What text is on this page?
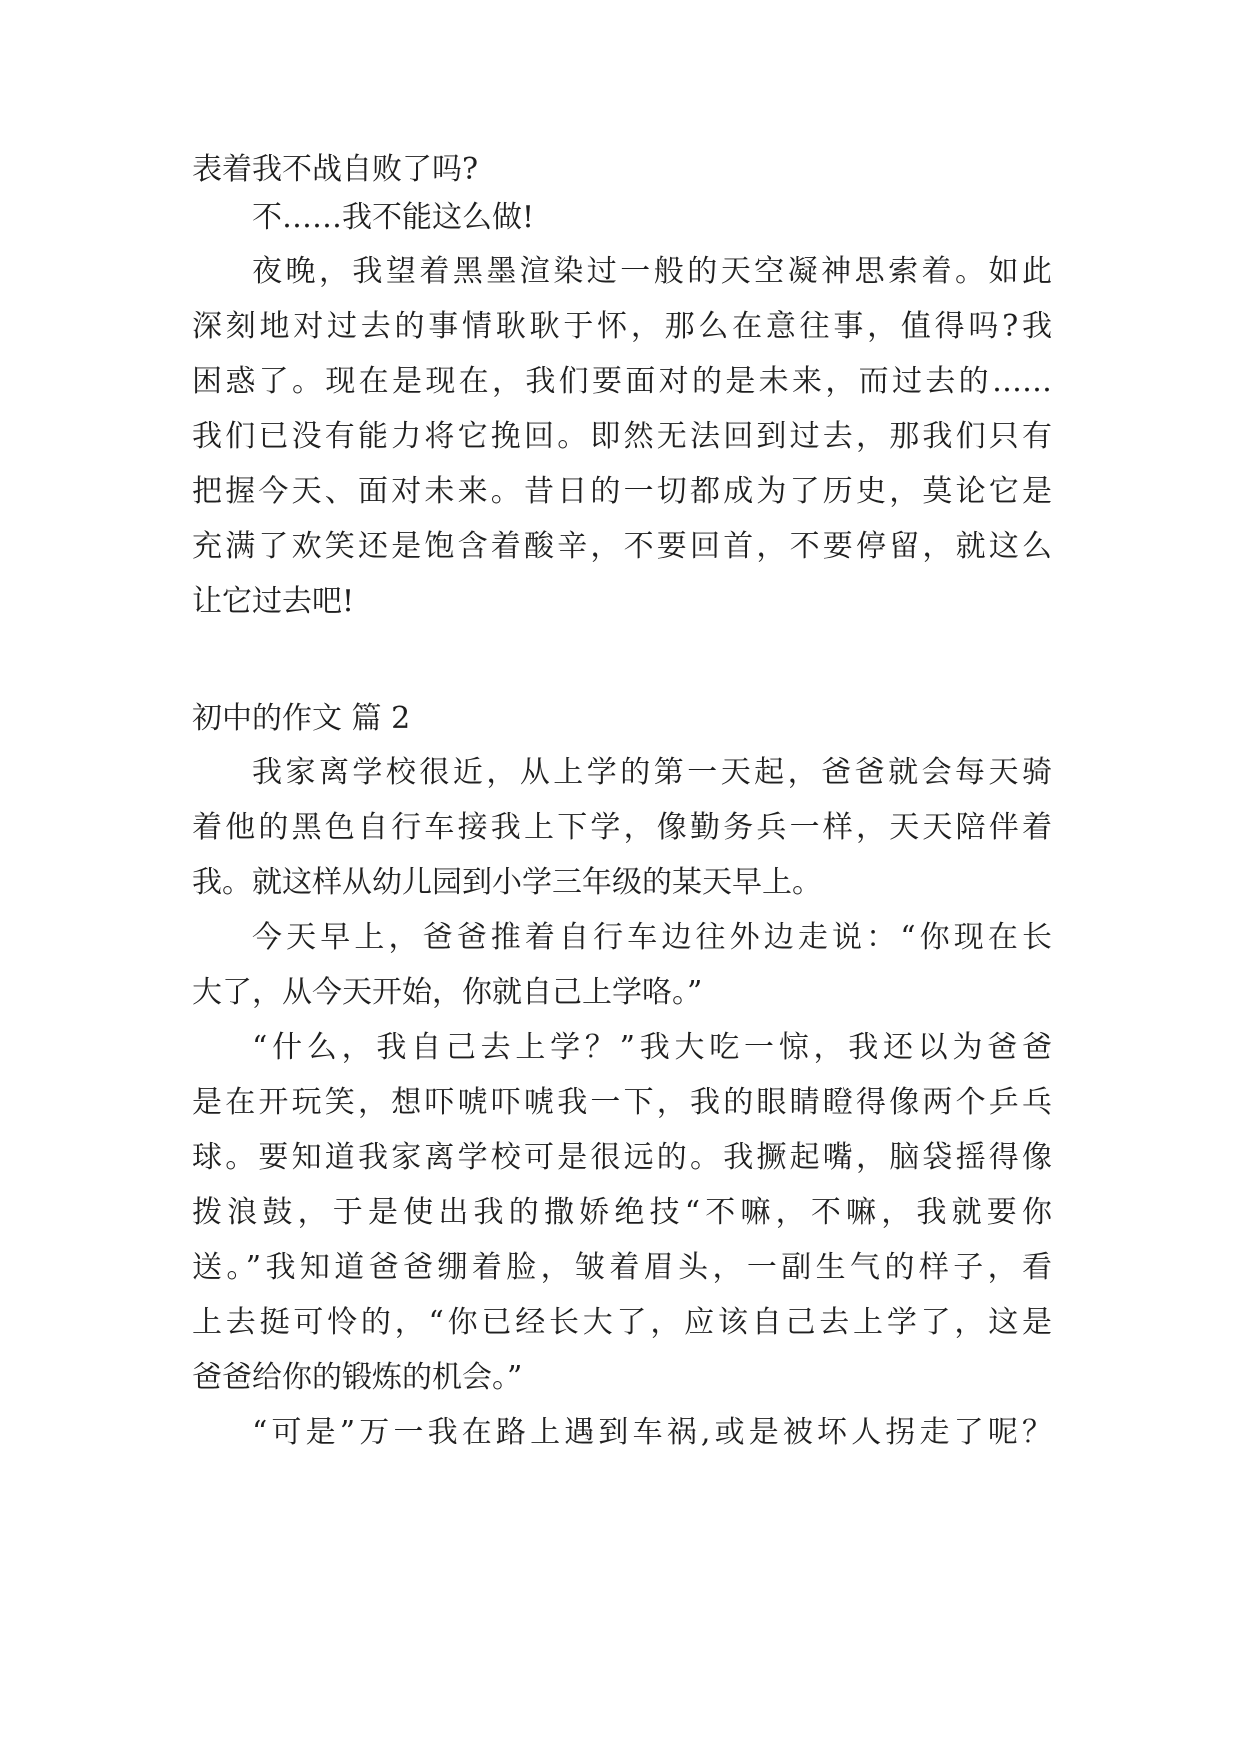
表着我不战自败了吗?

不……我不能这么做!

夜晚，我望着黑墨渲染过一般的天空凝神思索着。如此

深刻地对过去的事情耿耿于怀，那么在意往事，值得吗?我

困惑了。现在是现在，我们要面对的是未来，而过去的……

我们已没有能力将它挽回。即然无法回到过去，那我们只有

把握今天、面对未来。昔日的一切都成为了历史，莫论它是

充满了欢笑还是饱含着酸辛，不要回首，不要停留，就这么

让它过去吧!

初中的作文 篇 2

我家离学校很近，从上学的第一天起，爸爸就会每天骑

着他的黑色自行车接我上下学，像勤务兵一样，天天陪伴着

我。就这样从幼儿园到小学三年级的某天早上。

今天早上，爸爸推着自行车边往外边走说：“你现在长

大了，从今天开始，你就自己上学咯。”

“什么，我自己去上学？”我大吃一惊，我还以为爸爸

是在开玩笑，想吓唬吓唬我一下，我的眼睛瞪得像两个乒乓

球。要知道我家离学校可是很远的。我撅起嘴，脑袋摇得像

拨浪鼓，于是使出我的撒娇绝技“不嘛，不嘛，我就要你

送。”我知道爸爸绷着脸，皱着眉头，一副生气的样子，看

上去挺可怜的，“你已经长大了，应该自己去上学了，这是

爸爸给你的锻炼的机会。”

“可是”万一我在路上遇到车祸,或是被坏人拐走了呢？
